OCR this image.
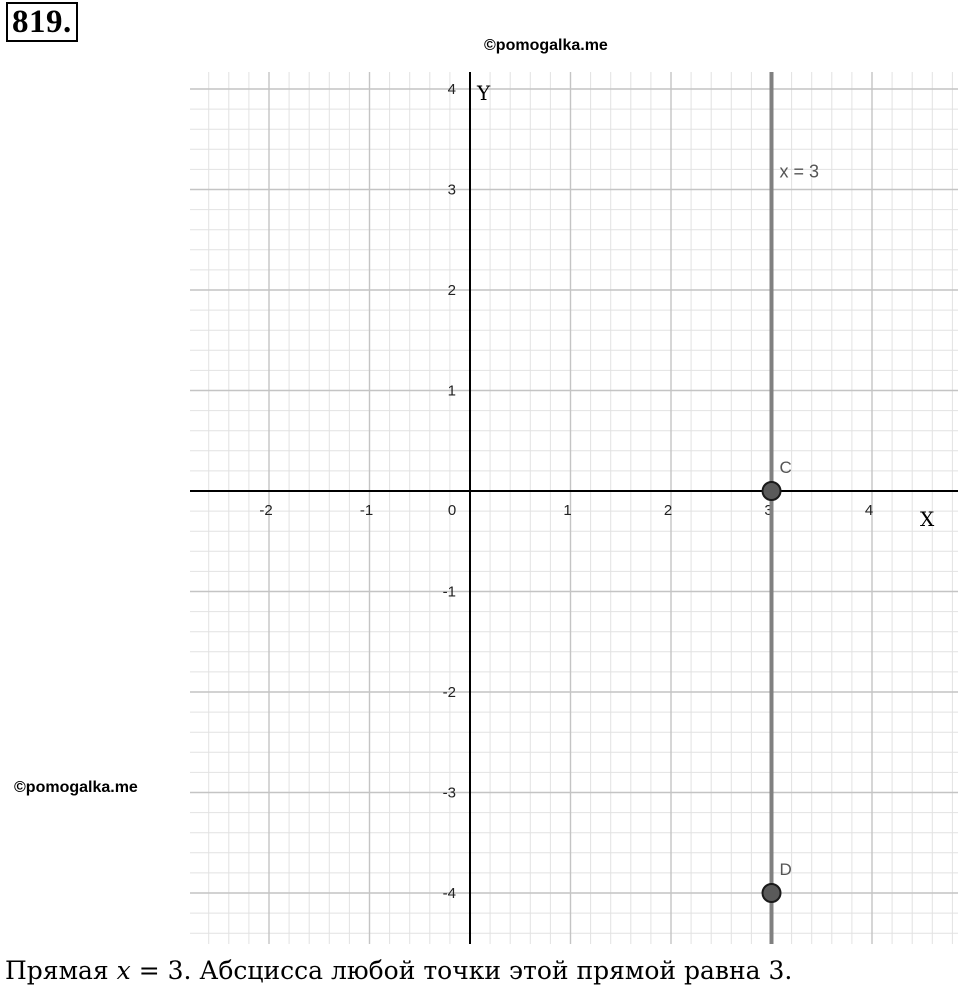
819.
X
Y
-2	-1	0	1	2	3	4
4
3
2
1
-1
-2
-3
-4
x = 3
C
D
©pomogalka.me
©pomogalka.me
Прямая x = 3. Абсцисса любой точки этой прямой равна 3.
